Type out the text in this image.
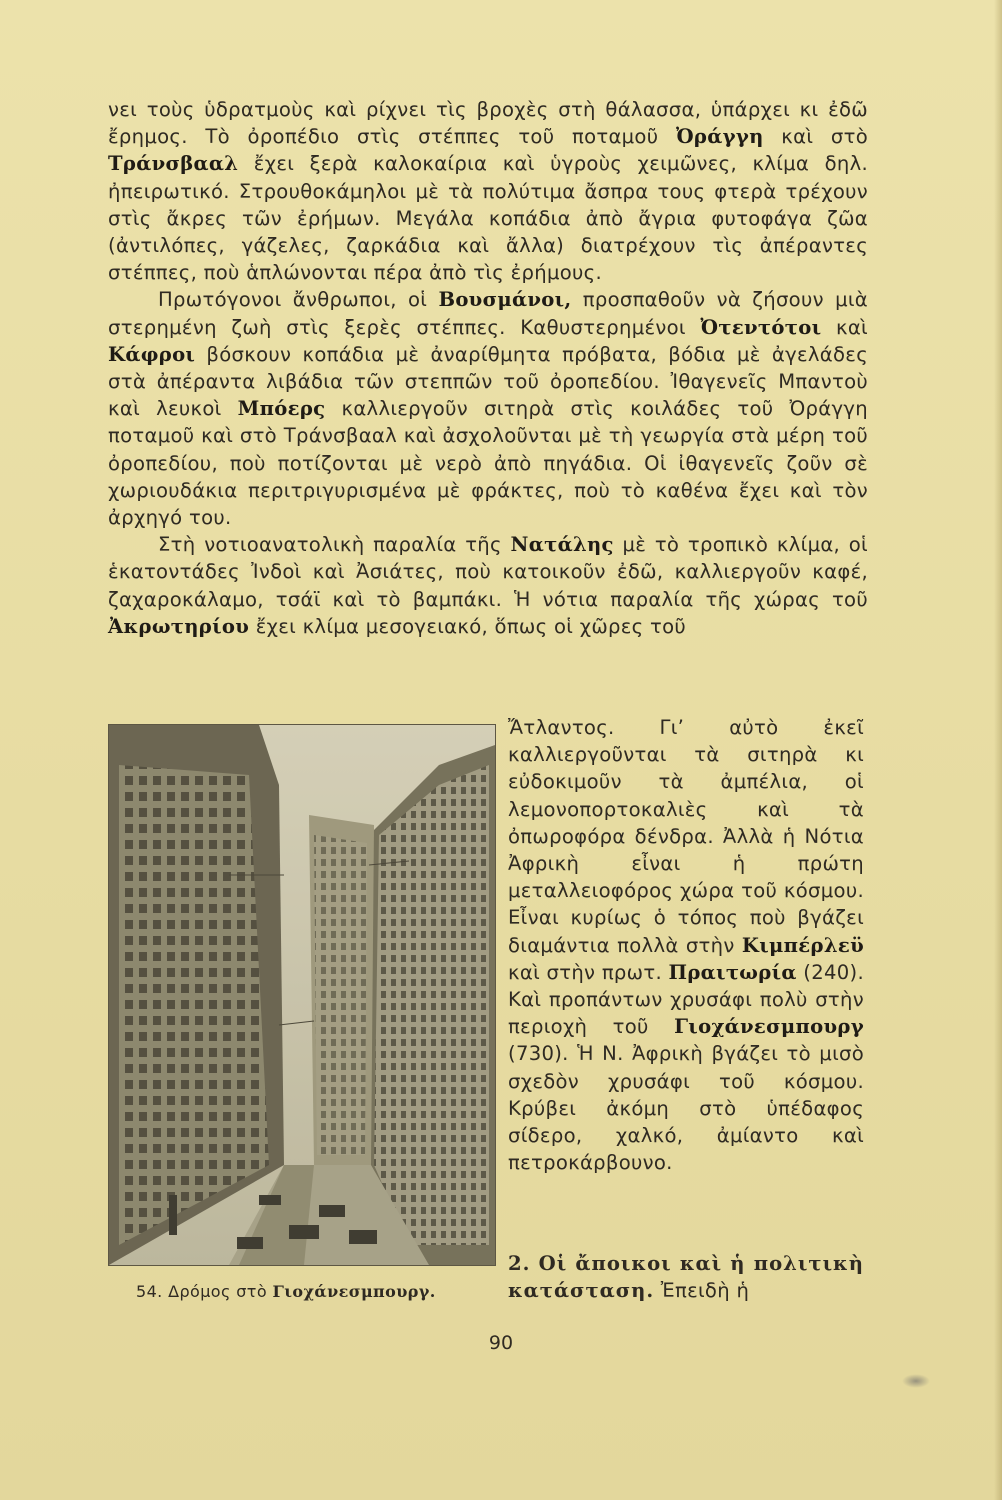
νει τοὺς ὑδρατμοὺς καὶ ρίχνει τὶς βροχὲς στὴ θάλασσα, ὑπάρχει κι ἐδῶ ἔρημος. Τὸ ὀροπέδιο στὶς στέππες τοῦ ποταμοῦ Ὀράγγη καὶ στὸ Τράνσβααλ ἔχει ξερὰ καλοκαίρια καὶ ὑγροὺς χειμῶνες, κλίμα δηλ. ἠπειρωτικό. Στρουθοκάμηλοι μὲ τὰ πολύτιμα ἄσπρα τους φτερὰ τρέχουν στὶς ἄκρες τῶν ἐρήμων. Μεγάλα κοπάδια ἀπὸ ἄγρια φυτοφάγα ζῶα (ἀντιλόπες, γάζελες, ζαρκάδια καὶ ἄλλα) διατρέχουν τὶς ἀπέραντες στέππες, ποὺ ἁπλώνονται πέρα ἀπὸ τὶς ἐρήμους.

Πρωτόγονοι ἄνθρωποι, οἱ Βουσμάνοι, προσπαθοῦν νὰ ζήσουν μιὰ στερημένη ζωὴ στὶς ξερὲς στέππες. Καθυστερημένοι Ὀτεντότοι καὶ Κάφροι βόσκουν κοπάδια μὲ ἀναρίθμητα πρόβατα, βόδια μὲ ἀγελάδες στὰ ἀπέραντα λιβάδια τῶν στεππῶν τοῦ ὀροπεδίου. Ἰθαγενεῖς Μπαντοὺ καὶ λευκοὶ Μπόερς καλλιεργοῦν σιτηρὰ στὶς κοιλάδες τοῦ Ὀράγγη ποταμοῦ καὶ στὸ Τράνσβααλ καὶ ἀσχολοῦνται μὲ τὴ γεωργία στὰ μέρη τοῦ ὀροπεδίου, ποὺ ποτίζονται μὲ νερὸ ἀπὸ πηγάδια. Οἱ ἰθαγενεῖς ζοῦν σὲ χωριουδάκια περιτριγυρισμένα μὲ φράκτες, ποὺ τὸ καθένα ἔχει καὶ τὸν ἀρχηγό του.

Στὴ νοτιοανατολικὴ παραλία τῆς Νατάλης μὲ τὸ τροπικὸ κλίμα, οἱ ἑκατοντάδες Ἰνδοὶ καὶ Ἀσιάτες, ποὺ κατοικοῦν ἐδῶ, καλλιεργοῦν καφέ, ζαχαροκάλαμο, τσάϊ καὶ τὸ βαμπάκι. Ἡ νότια παραλία τῆς χώρας τοῦ Ἀκρωτηρίου ἔχει κλίμα μεσογειακό, ὅπως οἱ χῶρες τοῦ

Ἄτλαντος. Γι’ αὐτὸ ἐκεῖ καλλιεργοῦνται τὰ σιτηρὰ κι εὐδοκιμοῦν τὰ ἀμπέλια, οἱ λεμονοπορτοκαλιὲς καὶ τὰ ὀπωροφόρα δένδρα. Ἀλλὰ ἡ Νότια Ἀφρικὴ εἶναι ἡ πρώτη μεταλλειοφόρος χώρα τοῦ κόσμου. Εἶναι κυρίως ὁ τόπος ποὺ βγάζει διαμάντια πολλὰ στὴν Κιμπέρλεϋ καὶ στὴν πρωτ. Πραιτωρία (240). Καὶ προπάντων χρυσάφι πολὺ στὴν περιοχὴ τοῦ Γιοχάνεσμπουργ (730). Ἡ Ν. Ἀφρικὴ βγάζει τὸ μισὸ σχεδὸν χρυσάφι τοῦ κόσμου. Κρύβει ἀκόμη στὸ ὑπέδαφος σίδερο, χαλκό, ἀμίαντο καὶ πετροκάρβουνο.

2. Οἱ ἄποικοι καὶ ἡ πολιτικὴ κατάσταση. Ἐπειδὴ ἡ

54. Δρόμος στὸ Γιοχάνεσμπουργ.
90
